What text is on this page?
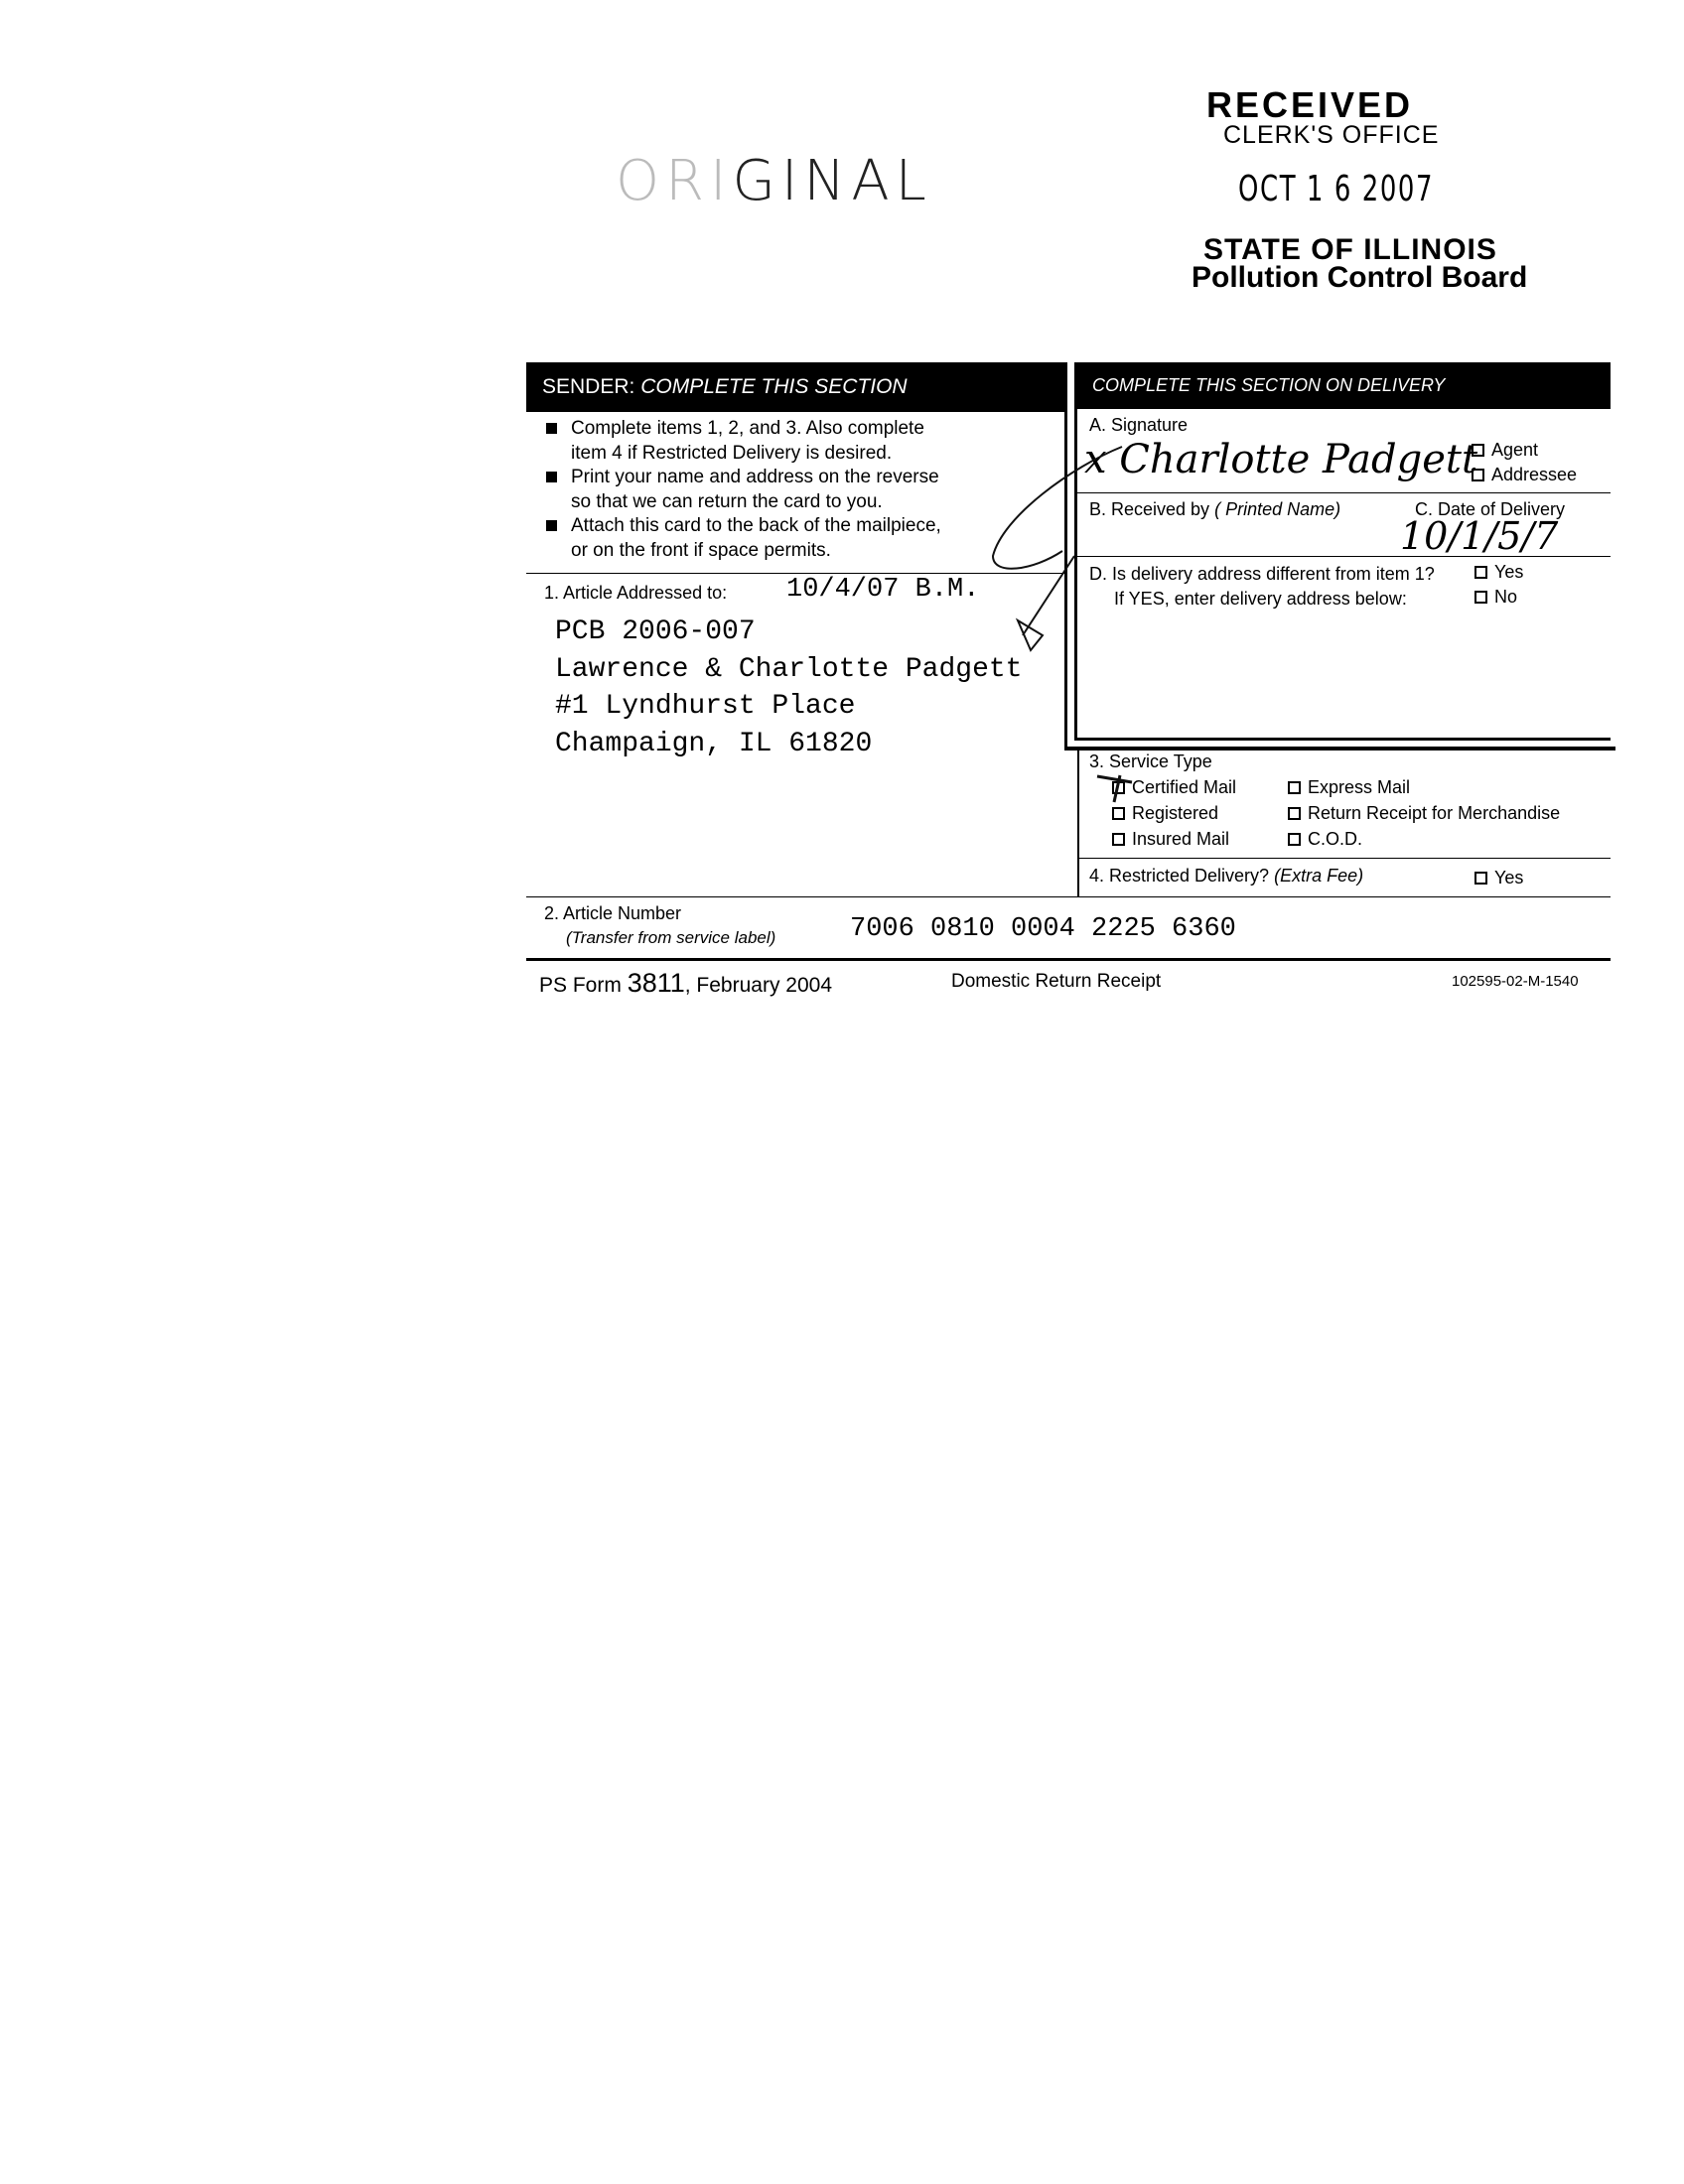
ORIGINAL
RECEIVED
CLERK'S OFFICE
OCT 1 6 2007
STATE OF ILLINOIS
Pollution Control Board
SENDER: COMPLETE THIS SECTION	COMPLETE THIS SECTION ON DELIVERY
Complete items 1, 2, and 3. Also complete
item 4 if Restricted Delivery is desired.
Print your name and address on the reverse
so that we can return the card to you.
Attach this card to the back of the mailpiece,
or on the front if space permits.
1. Article Addressed to: 10/4/07 B.M.
PCB 2006-007
Lawrence & Charlotte Padgett
#1 Lyndhurst Place
Champaign, IL 61820
A. Signature
x Charlotte Padgett Agent
Addressee
B. Received by ( Printed Name)	C. Date of Delivery
10/1/5/7
D. Is delivery address different from item 1?
If YES, enter delivery address below:
Yes
No
3. Service Type
Certified Mail	Express Mail
Registered	Return Receipt for Merchandise
Insured Mail	C.O.D.
4. Restricted Delivery? (Extra Fee)	Yes
2. Article Number
(Transfer from service label)	7006 0810 0004 2225 6360
PS Form 3811, February 2004	Domestic Return Receipt	102595-02-M-1540
